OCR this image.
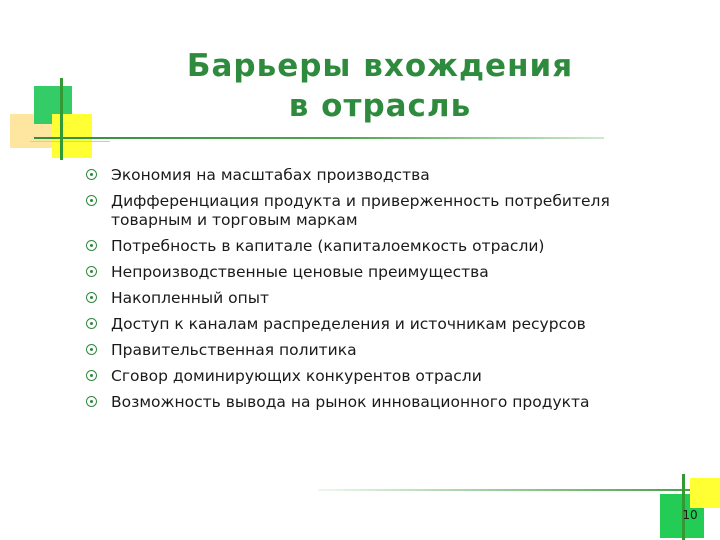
Барьеры вхождения
в отрасль
Экономия на масштабах производства
Дифференциация продукта и приверженность потребителя товарным и торговым маркам
Потребность в капитале (капиталоемкость отрасли)
Непроизводственные ценовые преимущества
Накопленный опыт
Доступ к каналам распределения и источникам ресурсов
Правительственная политика
Сговор доминирующих конкурентов отрасли
Возможность вывода на рынок инновационного продукта
10
